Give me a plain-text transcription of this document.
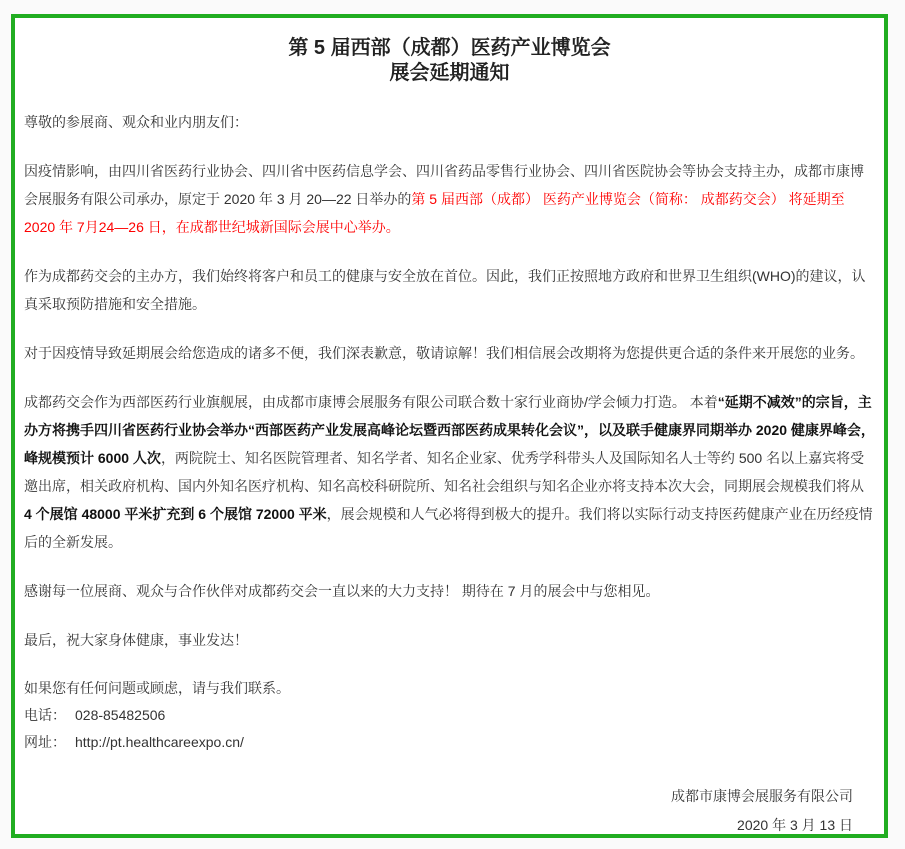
第 5 届西部（成都）医药产业博览会
展会延期通知

尊敬的参展商、观众和业内朋友们：

因疫情影响，由四川省医药行业协会、四川省中医药信息学会、四川省药品零售行业协会、四川省医院协会等协会支持主办，成都市康博会展服务有限公司承办，原定于 2020 年 3 月 20—22 日举办的第 5 届西部（成都） 医药产业博览会（简称： 成都药交会） 将延期至 2020 年 7月24—26 日，在成都世纪城新国际会展中心举办。

作为成都药交会的主办方，我们始终将客户和员工的健康与安全放在首位。因此，我们正按照地方政府和世界卫生组织(WHO)的建议，认真采取预防措施和安全措施。

对于因疫情导致延期展会给您造成的诸多不便，我们深表歉意，敬请谅解！我们相信展会改期将为您提供更合适的条件来开展您的业务。

成都药交会作为西部医药行业旗舰展，由成都市康博会展服务有限公司联合数十家行业商协/学会倾力打造。 本着“延期不减效”的宗旨，主办方将携手四川省医药行业协会举办“西部医药产业发展高峰论坛暨西部医药成果转化会议”，以及联手健康界同期举办 2020 健康界峰会， 峰规模预计 6000 人次，两院院士、知名医院管理者、知名学者、知名企业家、优秀学科带头人及国际知名人士等约 500 名以上嘉宾将受邀出席，相关政府机构、国内外知名医疗机构、知名高校科研院所、知名社会组织与知名企业亦将支持本次大会，同期展会规模我们将从 4 个展馆 48000 平米扩充到 6 个展馆 72000 平米，展会规模和人气必将得到极大的提升。我们将以实际行动支持医药健康产业在历经疫情后的全新发展。

感谢每一位展商、观众与合作伙伴对成都药交会一直以来的大力支持！ 期待在 7 月的展会中与您相见。

最后，祝大家身体健康，事业发达！

如果您有任何问题或顾虑，请与我们联系。
电话： 028-85482506
网址： http://pt.healthcareexpo.cn/
成都市康博会展服务有限公司
2020 年 3 月 13 日
